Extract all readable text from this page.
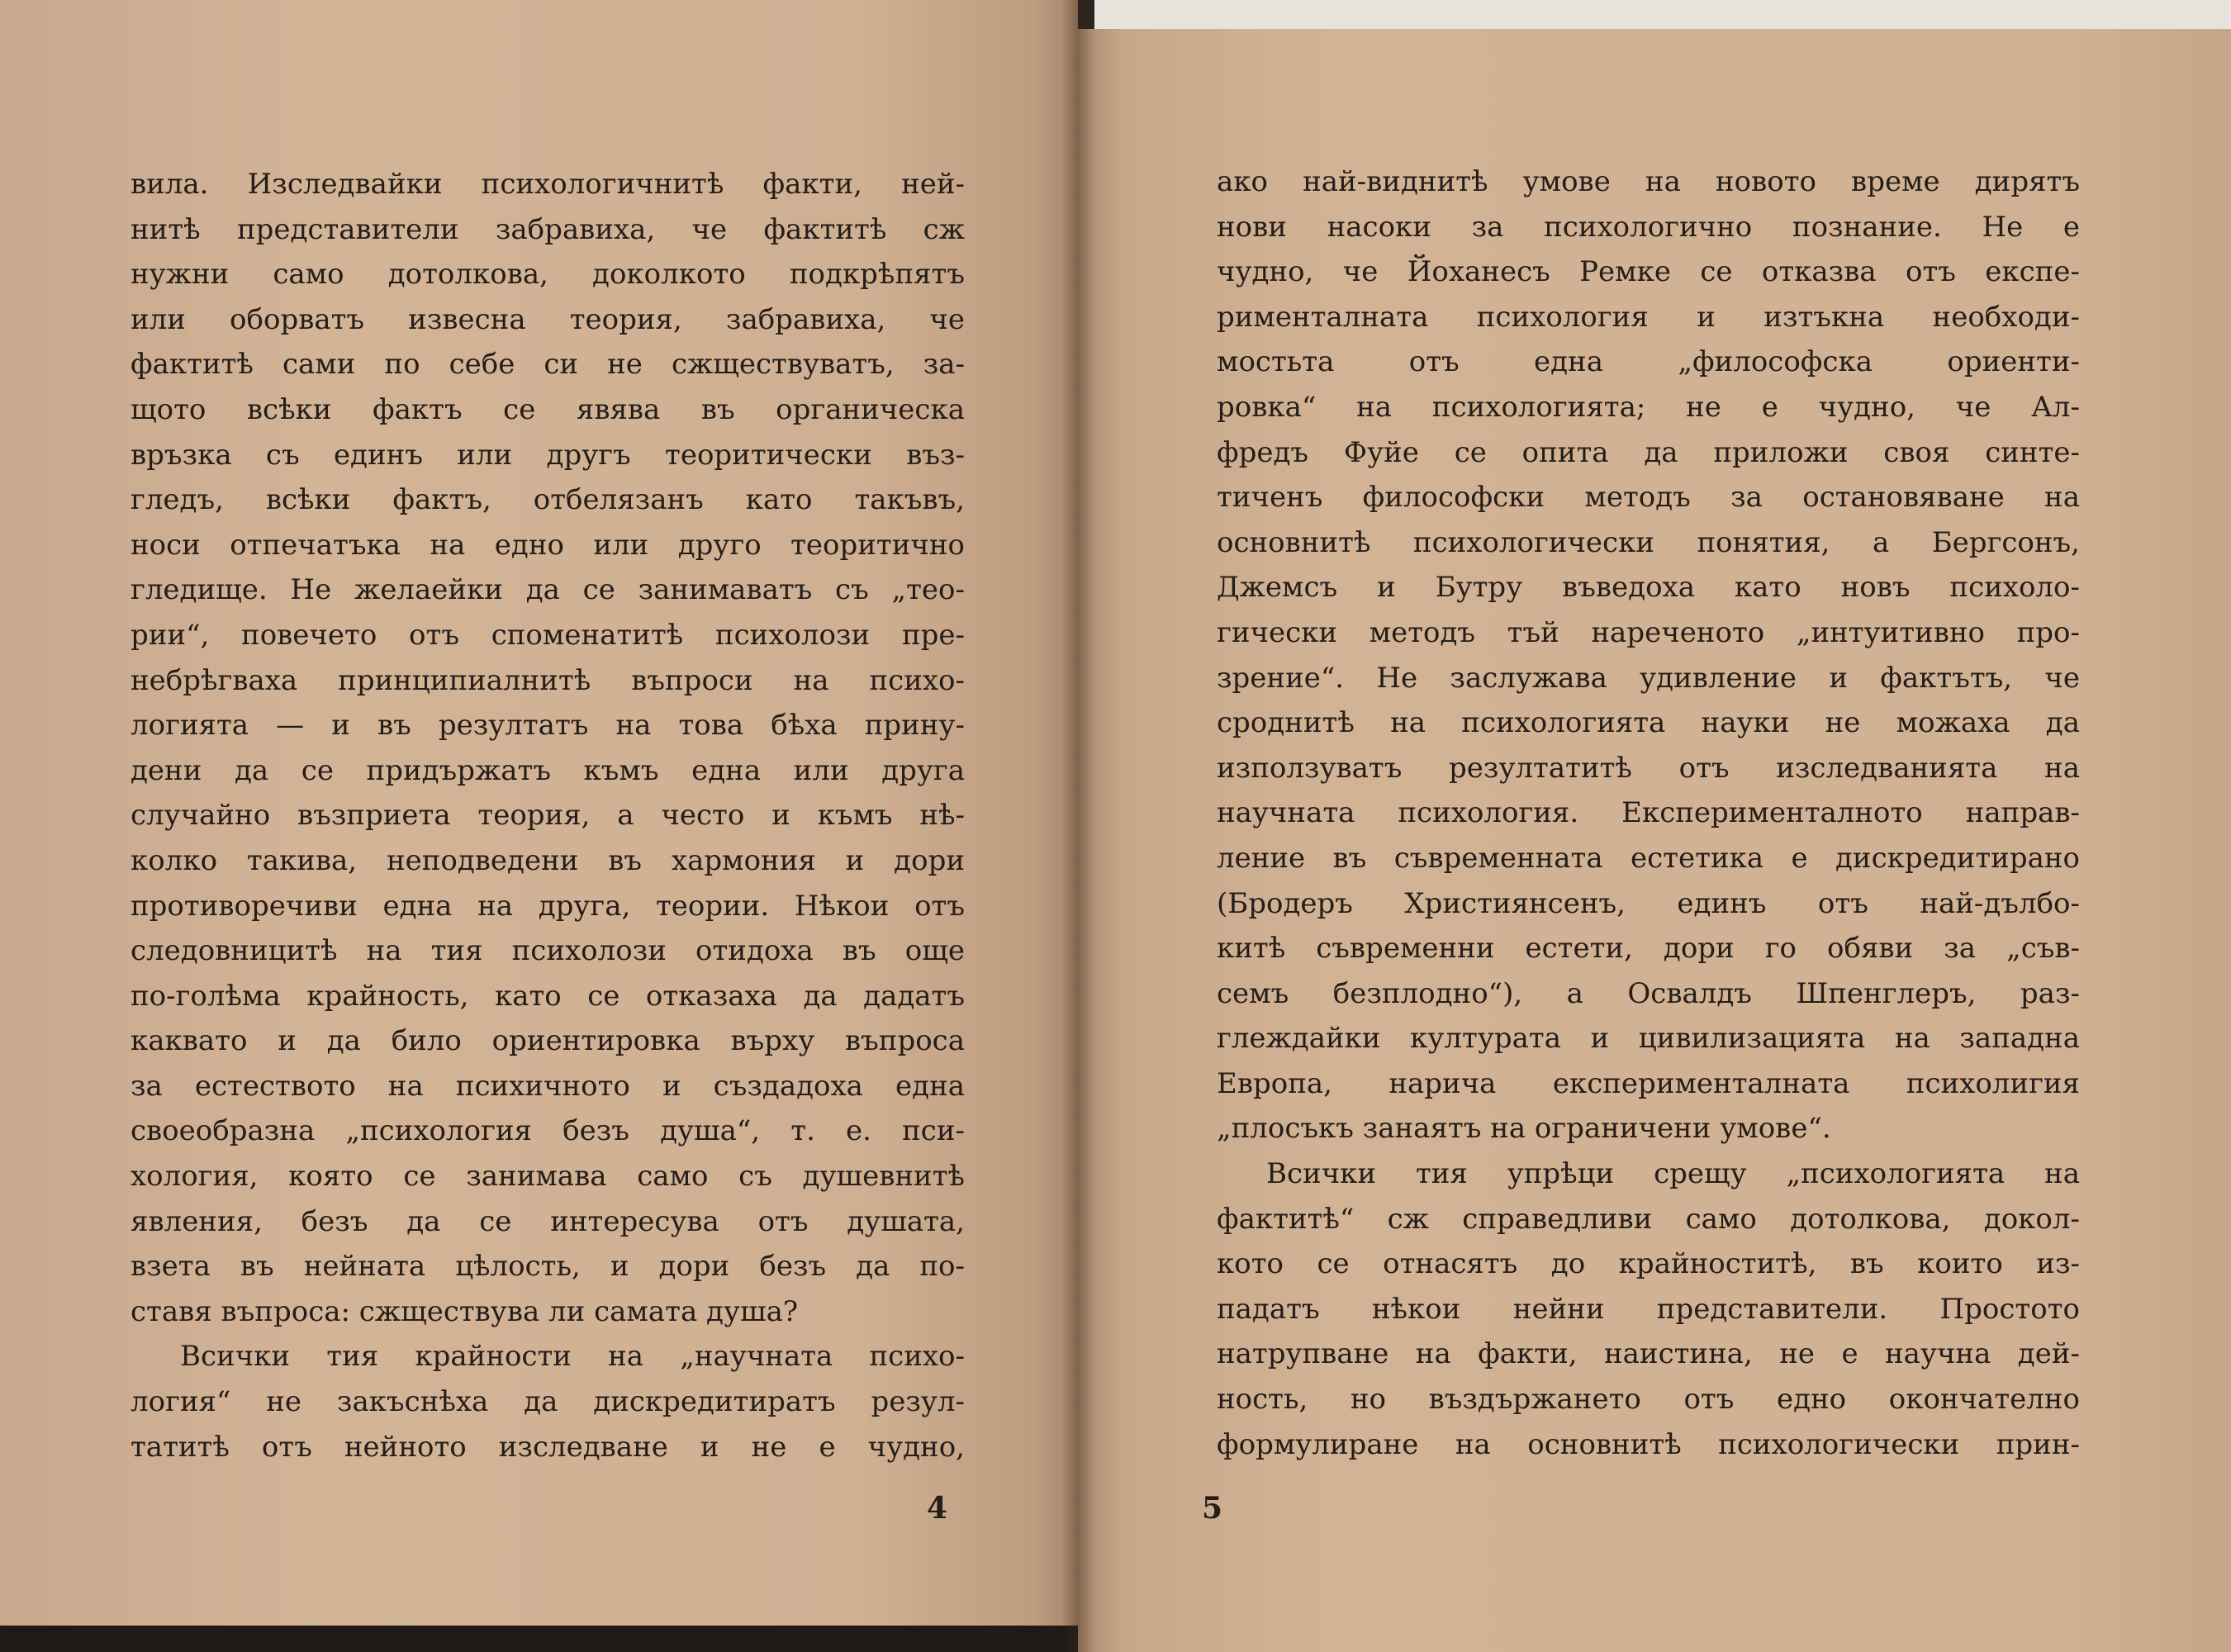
вила. Изследвайки психологичнитѣ факти, ней-
нитѣ представители забравиха, че фактитѣ сж
нужни само дотолкова, доколкото подкрѣпятъ
или оборватъ извесна теория, забравиха, че
фактитѣ сами по себе си не сжществуватъ, за-
щото всѣки фактъ се явява въ органическа
връзка съ единъ или другъ теоритически въз-
гледъ, всѣки фактъ, отбелязанъ като такъвъ,
носи отпечатъка на едно или друго теоритично
гледище. Не желаейки да се занимаватъ съ „тео-
рии“, повечето отъ споменатитѣ психолози пре-
небрѣгваха принципиалнитѣ въпроси на психо-
логията — и въ резултатъ на това бѣха прину-
дени да се придържатъ къмъ една или друга
случайно възприета теория, а често и къмъ нѣ-
колко такива, неподведени въ хармония и дори
противоречиви една на друга, теории. Нѣкои отъ
следовницитѣ на тия психолози отидоха въ още
по-голѣма крайность, като се отказаха да дадатъ
каквато и да било ориентировка върху въпроса
за естеството на психичното и създадоха една
своеобразна „психология безъ душа“, т. е. пси-
хология, която се занимава само съ душевнитѣ
явления, безъ да се интересува отъ душата,
взета въ нейната цѣлость, и дори безъ да по-
ставя въпроса: сжществува ли самата душа?
Всички тия крайности на „научната психо-
логия“ не закъснѣха да дискредитиратъ резул-
татитѣ отъ нейното изследване и не е чудно,
4
ако най-виднитѣ умове на новото време дирятъ
нови насоки за психологично познание. Не е
чудно, че Йоханесъ Ремке се отказва отъ експе-
рименталната психология и изтъкна необходи-
мостьта отъ една „философска ориенти-
ровка“ на психологията; не е чудно, че Ал-
фредъ Фуйе се опита да приложи своя синте-
тиченъ философски методъ за остановяване на
основнитѣ психологически понятия, а Бергсонъ,
Джемсъ и Бутру въведоха като новъ психоло-
гически методъ тъй нареченото „интуитивно про-
зрение“. Не заслужава удивление и фактътъ, че
сроднитѣ на психологията науки не можаха да
използуватъ резултатитѣ отъ изследванията на
научната психология. Експерименталното направ-
ление въ съвременната естетика е дискредитирано
(Бродеръ Християнсенъ, единъ отъ най-дълбо-
китѣ съвременни естети, дори го обяви за „съв-
семъ безплодно“), а Освалдъ Шпенглеръ, раз-
глеждайки културата и цивилизацията на западна
Европа, нарича експерименталната психолигия
„плосъкъ занаятъ на ограничени умове“.
Всички тия упрѣци срещу „психологията на
фактитѣ“ сж справедливи само дотолкова, докол-
кото се отнасятъ до крайноститѣ, въ които из-
падатъ нѣкои нейни представители. Простото
натрупване на факти, наистина, не е научна дей-
ность, но въздържането отъ едно окончателно
формулиране на основнитѣ психологически прин-
5
